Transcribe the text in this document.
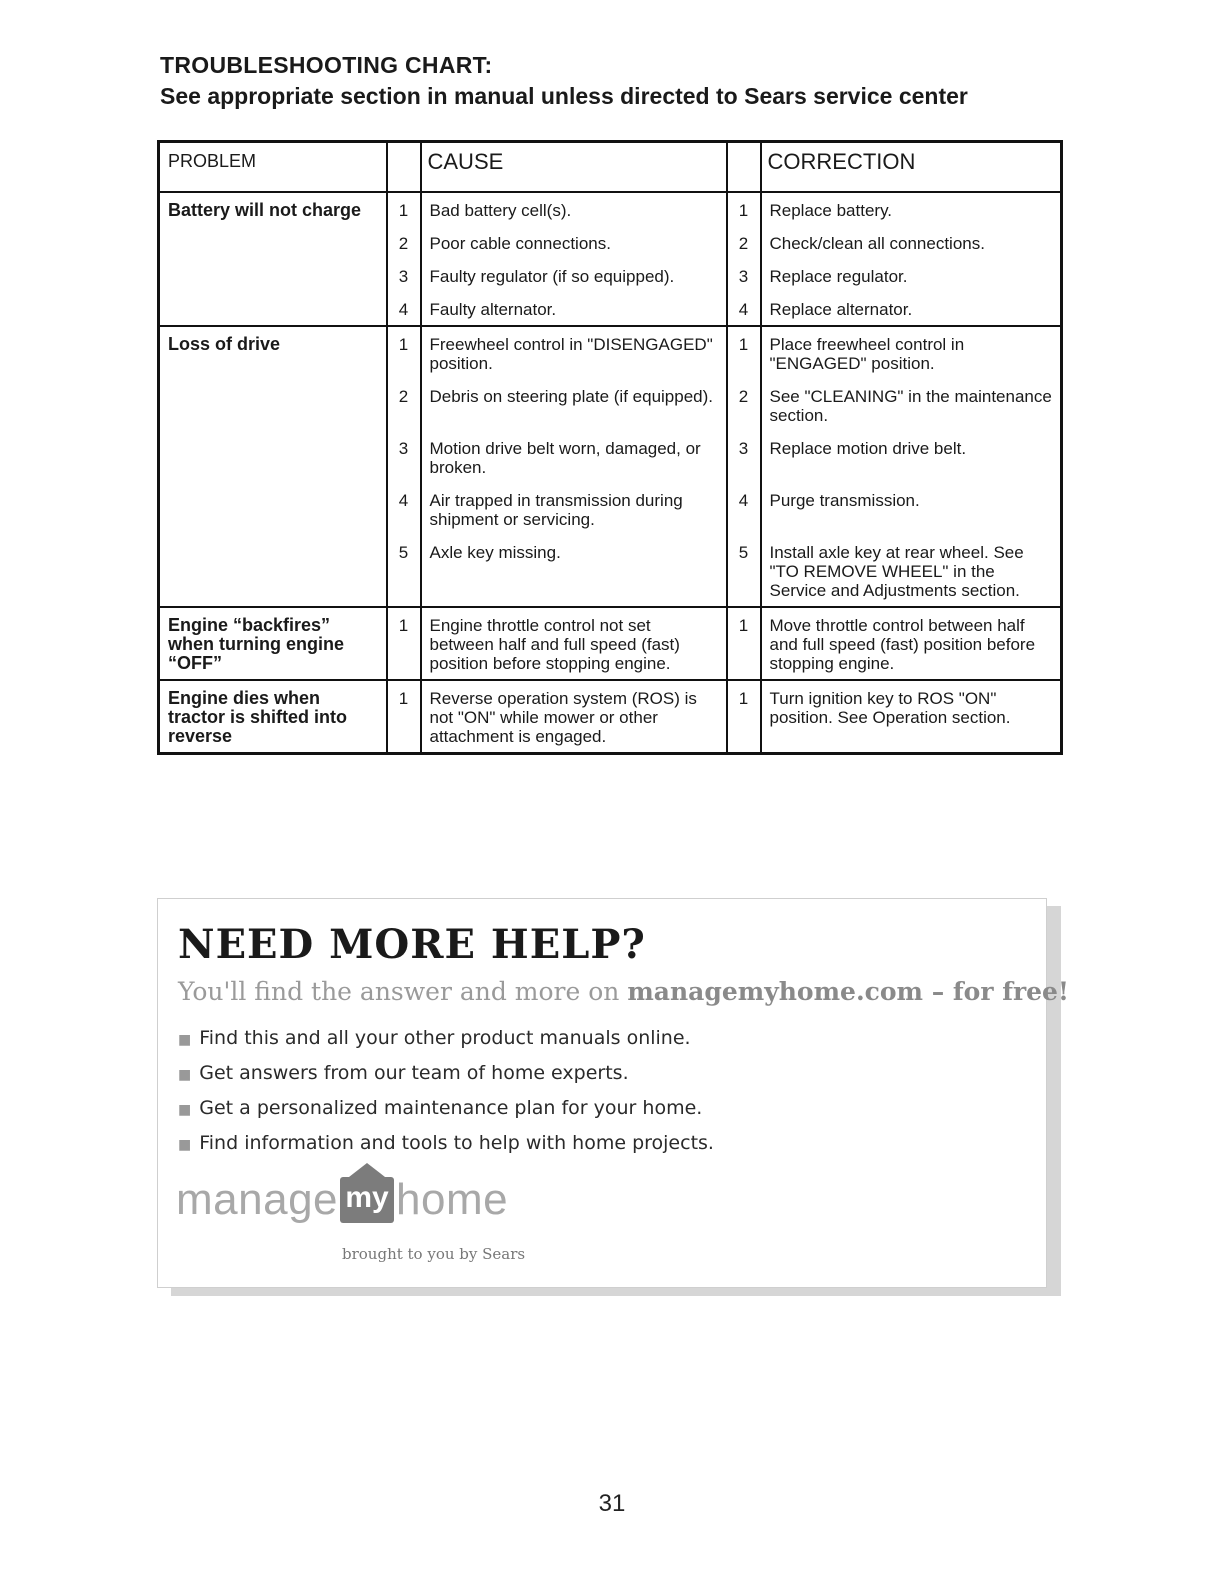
TROUBLESHOOTING CHART:
See appropriate section in manual unless directed to Sears service center
PROBLEM		CAUSE		CORRECTION
Battery will not charge	1	Bad battery cell(s).	1	Replace battery.
	2	Poor cable connections.	2	Check/clean all connections.
	3	Faulty regulator (if so equipped).	3	Replace regulator.
	4	Faulty alternator.	4	Replace alternator.
Loss of drive	1	Freewheel control in "DISENGAGED" position.	1	Place freewheel control in "ENGAGED" position.
	2	Debris on steering plate (if equipped).	2	See "CLEANING" in the maintenance section.
	3	Motion drive belt worn, damaged, or broken.	3	Replace motion drive belt.
	4	Air trapped in transmission during shipment or servicing.	4	Purge transmission.
	5	Axle key missing.	5	Install axle key at rear wheel. See "TO REMOVE WHEEL" in the Service and Adjustments section.
Engine “backfires” when turning engine “OFF”	1	Engine throttle control not set between half and full speed (fast) position before stopping engine.	1	Move throttle control between half and full speed (fast) position before stopping engine.
Engine dies when tractor is shifted into reverse	1	Reverse operation system (ROS) is not "ON" while mower or other attachment is engaged.	1	Turn ignition key to ROS "ON" position. See Operation section.
NEED MORE HELP?
You'll find the answer and more on managemyhome.com – for free!
■ Find this and all your other product manuals online.
■ Get answers from our team of home experts.
■ Get a personalized maintenance plan for your home.
■ Find information and tools to help with home projects.
manage my home
brought to you by Sears
31
